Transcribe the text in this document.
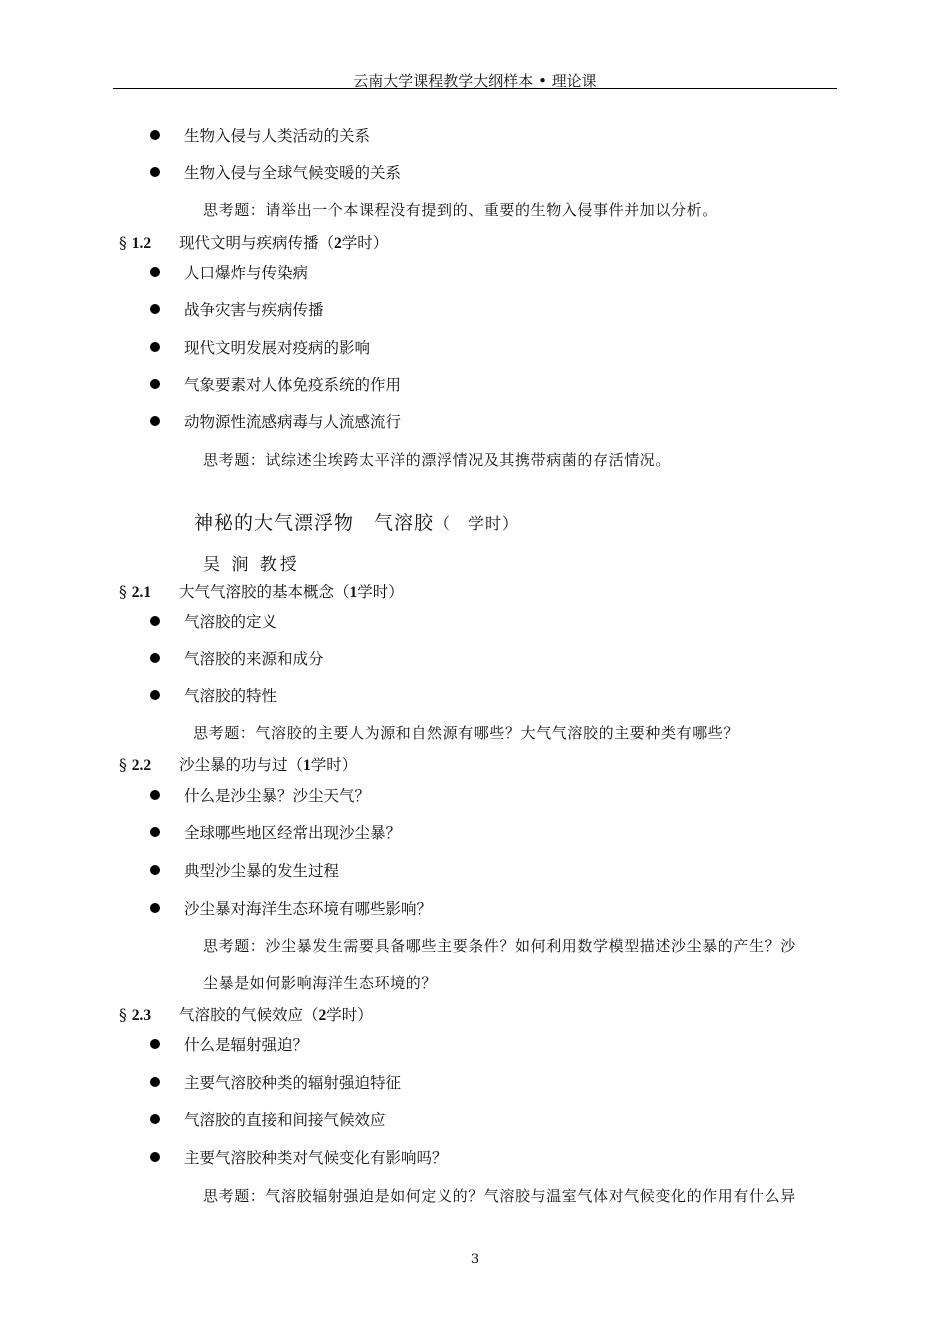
云南大学课程教学大纲样本 • 理论课
生物入侵与人类活动的关系
生物入侵与全球气候变暖的关系
思考题：请举出一个本课程没有提到的、重要的生物入侵事件并加以分析。
§ 1.2 现代文明与疾病传播（2学时）
人口爆炸与传染病
战争灾害与疾病传播
现代文明发展对疫病的影响
气象要素对人体免疫系统的作用
动物源性流感病毒与人流感流行
思考题：试综述尘埃跨太平洋的漂浮情况及其携带病菌的存活情况。
神秘的大气漂浮物　气溶胶（　学时）
吴 涧 教授
§ 2.1 大气气溶胶的基本概念（1学时）
气溶胶的定义
气溶胶的来源和成分
气溶胶的特性
思考题：气溶胶的主要人为源和自然源有哪些？大气气溶胶的主要种类有哪些？
§ 2.2 沙尘暴的功与过（1学时）
什么是沙尘暴？沙尘天气？
全球哪些地区经常出现沙尘暴？
典型沙尘暴的发生过程
沙尘暴对海洋生态环境有哪些影响？
思考题：沙尘暴发生需要具备哪些主要条件？如何利用数学模型描述沙尘暴的产生？沙
尘暴是如何影响海洋生态环境的？
§ 2.3 气溶胶的气候效应（2学时）
什么是辐射强迫？
主要气溶胶种类的辐射强迫特征
气溶胶的直接和间接气候效应
主要气溶胶种类对气候变化有影响吗？
思考题：气溶胶辐射强迫是如何定义的？气溶胶与温室气体对气候变化的作用有什么异
3
